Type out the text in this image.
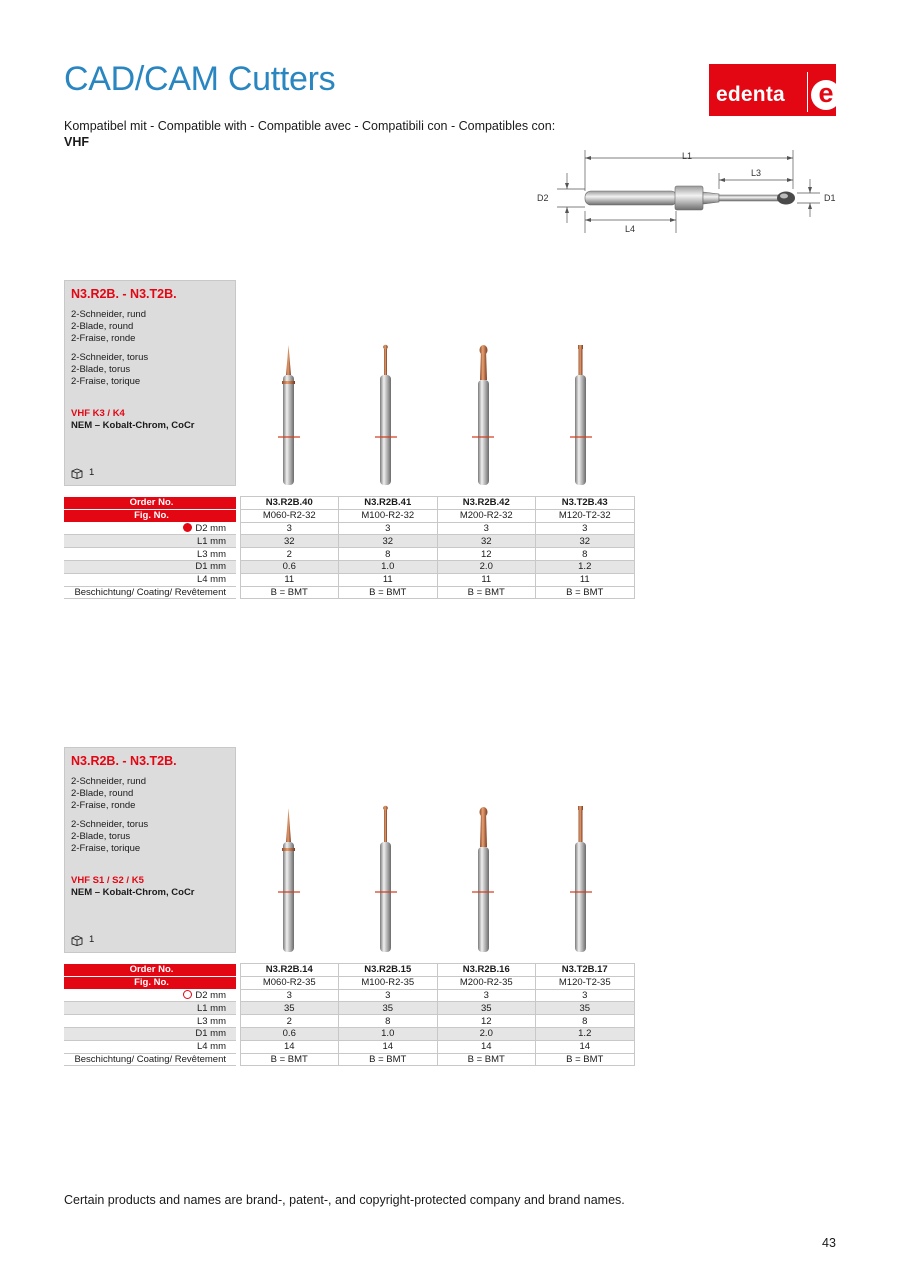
CAD/CAM Cutters	edenta e
Kompatibel mit - Compatible with - Compatible avec - Compatibili con - Compatibles con:
VHF
L1
L3
D2	D1
L4
N3.R2B. - N3.T2B.
2-Schneider, rund
2-Blade, round
2-Fraise, ronde
2-Schneider, torus
2-Blade, torus
2-Fraise, torique
VHF K3 / K4
NEM – Kobalt-Chrom, CoCr
1
Order No.		N3.R2B.40	N3.R2B.41	N3.R2B.42	N3.T2B.43
Fig. No.		M060-R2-32	M100-R2-32	M200-R2-32	M120-T2-32
D2 mm		3	3	3	3
L1 mm		32	32	32	32
L3 mm		2	8	12	8
D1 mm		0.6	1.0	2.0	1.2
L4 mm		11	11	11	11
Beschichtung/ Coating/ Revêtement		B = BMT	B = BMT	B = BMT	B = BMT
N3.R2B. - N3.T2B.
2-Schneider, rund
2-Blade, round
2-Fraise, ronde
2-Schneider, torus
2-Blade, torus
2-Fraise, torique
VHF S1 / S2 / K5
NEM – Kobalt-Chrom, CoCr
1
Order No.		N3.R2B.14	N3.R2B.15	N3.R2B.16	N3.T2B.17
Fig. No.		M060-R2-35	M100-R2-35	M200-R2-35	M120-T2-35
D2 mm		3	3	3	3
L1 mm		35	35	35	35
L3 mm		2	8	12	8
D1 mm		0.6	1.0	2.0	1.2
L4 mm		14	14	14	14
Beschichtung/ Coating/ Revêtement		B = BMT	B = BMT	B = BMT	B = BMT
Certain products and names are brand-, patent-, and copyright-protected company and brand names.
43
